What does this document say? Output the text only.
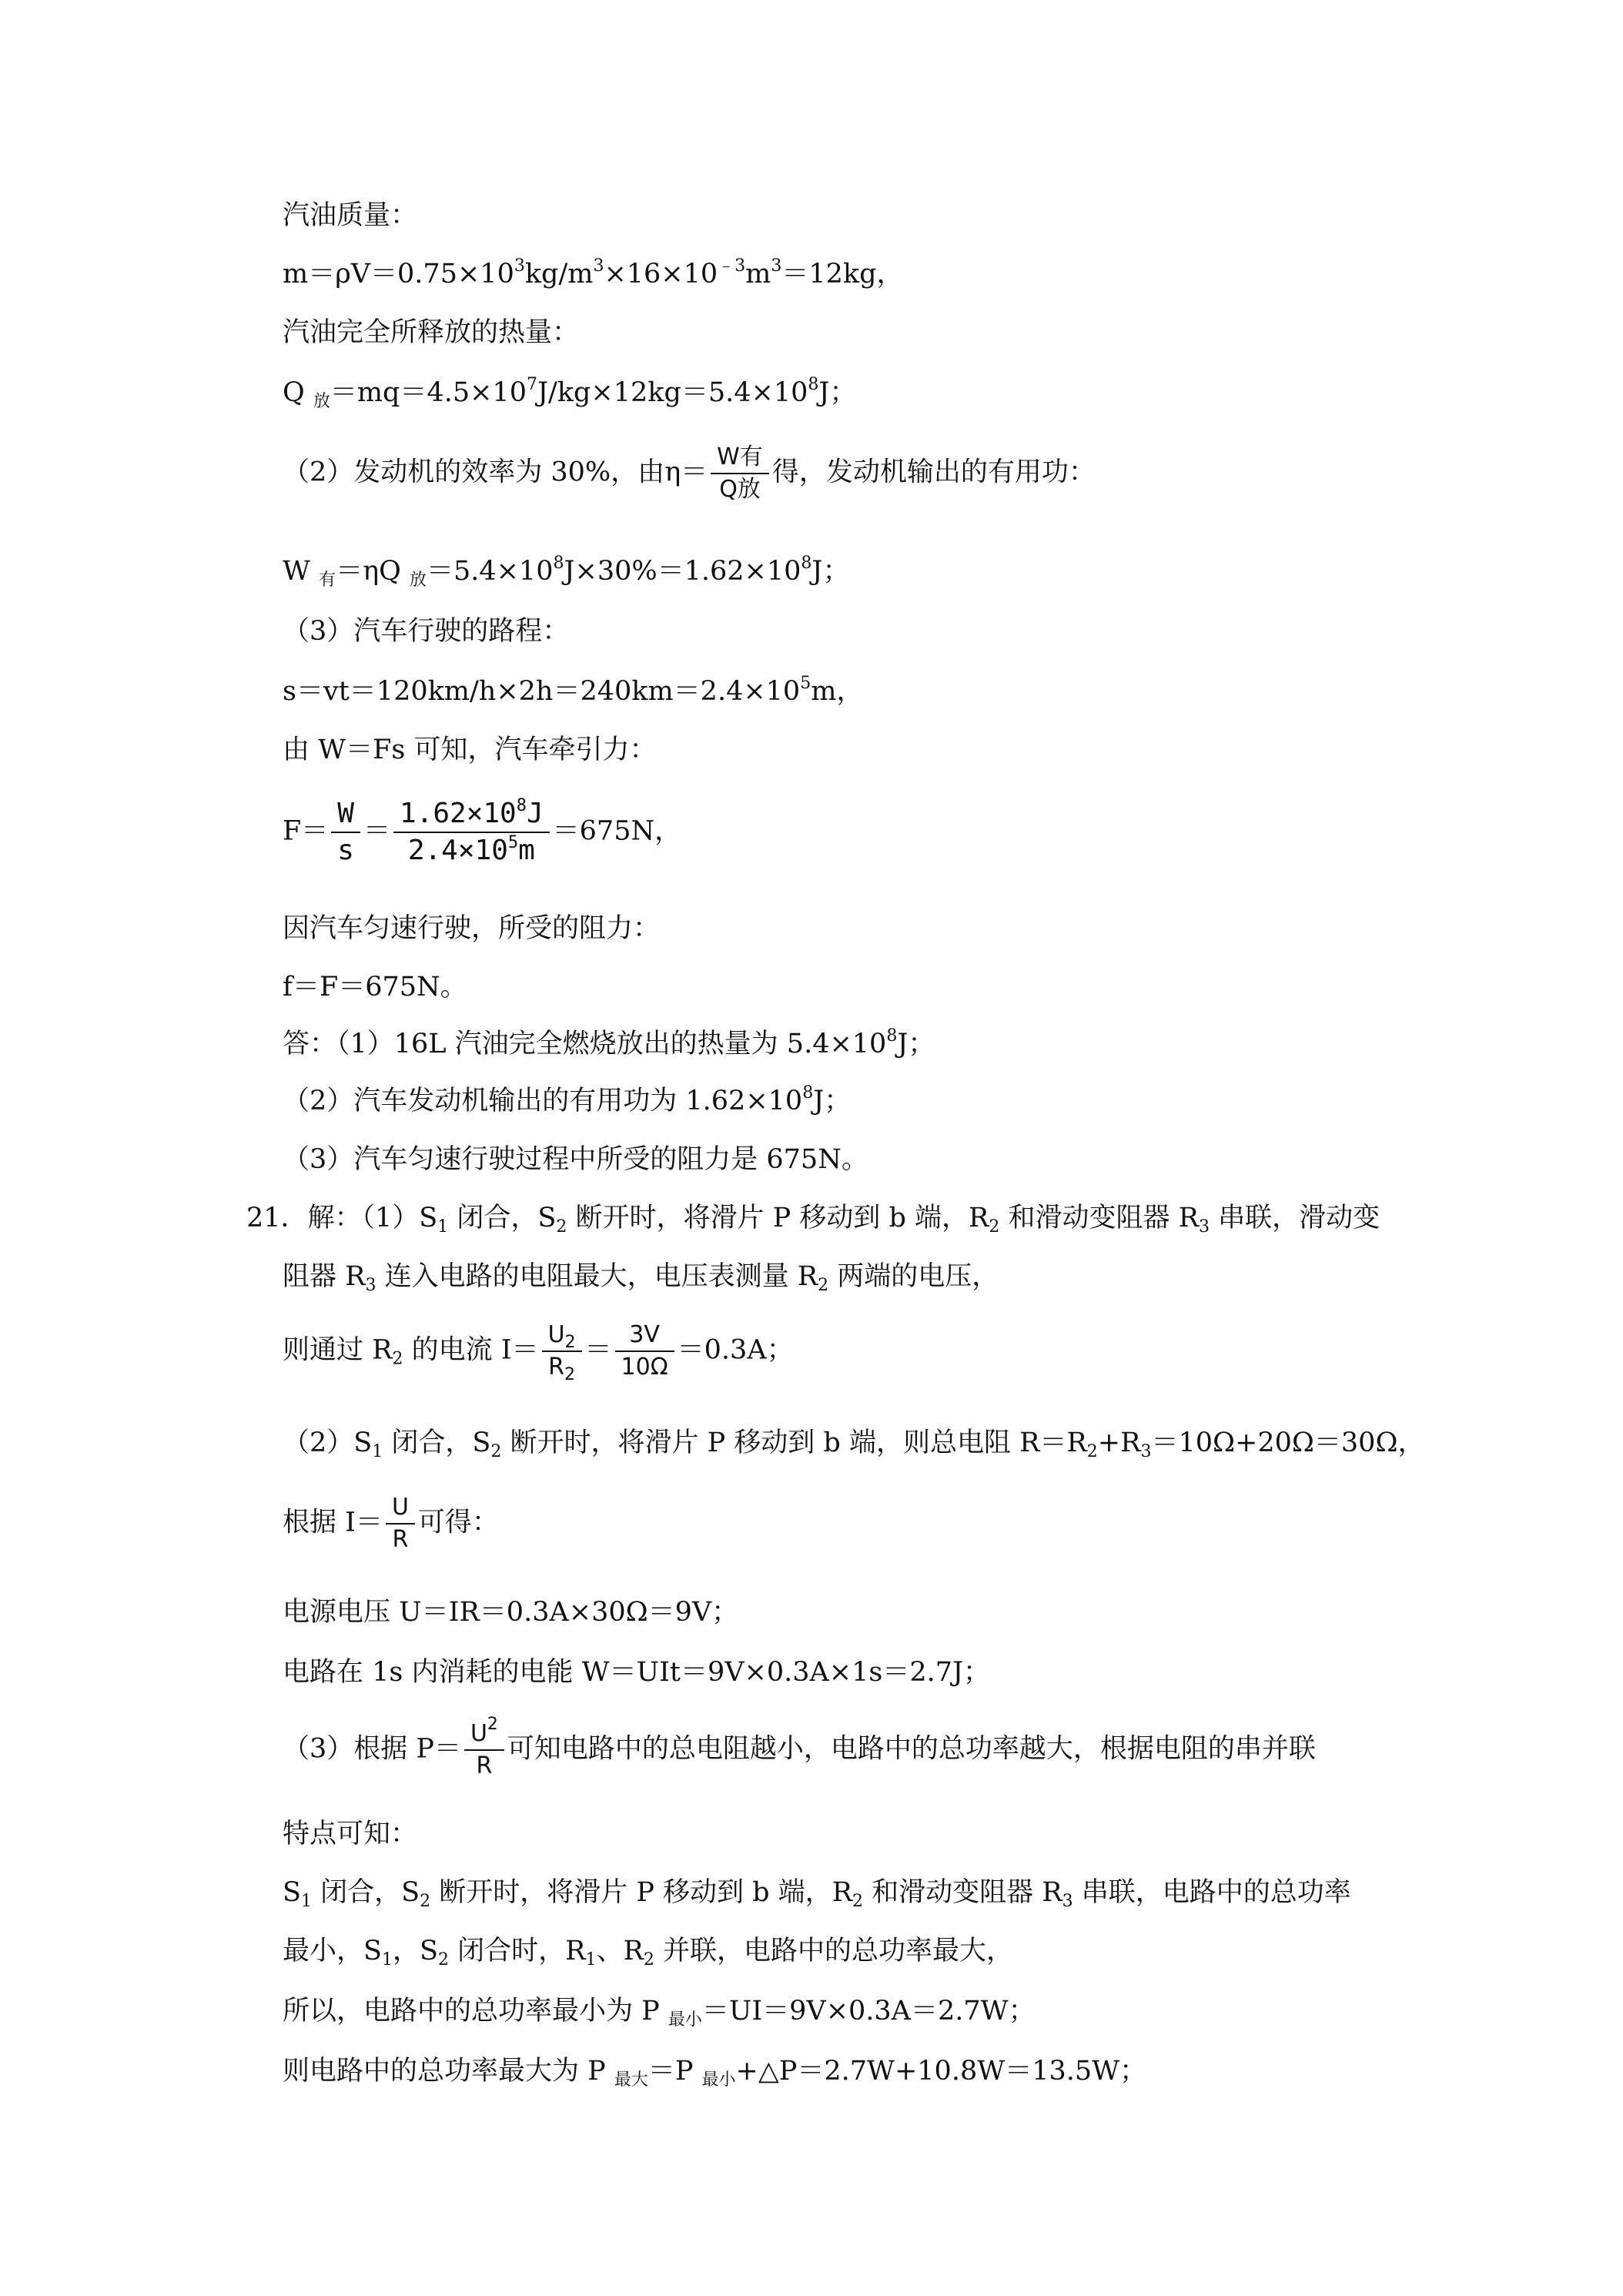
汽油质量：
$m=\rho V=0.75\times 10^3kg/m^3\times 16\times 10^{﹣3}m^3=12kg$，
汽油完全所释放的热量：
Q $_放=mq=4.5\times 10^7J/kg\times 12kg=5.4\times 10^8J$；
（2）发动机的效率为 30%，由η＝ W有
Q放
得，发动机输出的有用功：
W $_有$＝ηQ $_放=5.4\times 10^8J\times 30\%=1.62\times 10^8J$；
（3）汽车行驶的路程：
$s=vt=120km/h\times 2h=240km=2.4\times 10^5m$，
由 W＝Fs 可知，汽车牵引力：
$F= \frac{W}{s} = \frac{1.62\times 10^8J}{2.4\times 10^5m} =675N$，
因汽车匀速行驶，所受的阻力：
f＝F＝675N。
答：（1）16L 汽油完全燃烧放出的热量为 $5.4\times 10^8J$；
（2）汽车发动机输出的有用功为 $1.62\times 10^8J$；
（3）汽车匀速行驶过程中所受的阻力是 675N。
21．解：$(1)S_1$ 闭合，$S_2$ 断开时，将滑片 P 移动到 b 端，$R_2$ 和滑动变阻器 $R_3$ 串联，滑动变
阻器 $R_3$ 连入电路的电阻最大，电压表测量 $R_2$ 两端的电压，
则通过 $R_2$ 的电流 $I= \frac{U_2}{R_2} = \frac{3V}{10\Omega} =0.3A$；
$(2)S_1$ 闭合，$S_2$ 断开时，将滑片 P 移动到 b 端，则总电阻 $R=R_2+R_3=10\Omega+20\Omega=30\Omega$，
根据 $I= \frac{U}{R}$ 可得：
电源电压 U＝IR＝0.3A×30Ω＝9V；
电路在 1s 内消耗的电能 W＝UIt＝9V×0.3A×1s＝2.7J；
（3）根据 $P= \frac{U^2}{R}$ 可知电路中的总电阻越小，电路中的总功率越大，根据电阻的串并联
特点可知：
$S_1$ 闭合，$S_2$ 断开时，将滑片 P 移动到 b 端，$R_2$ 和滑动变阻器 $R_3$ 串联，电路中的总功率
最小，$S_1$，$S_2$ 闭合时，$R_1$、$R_2$ 并联，电路中的总功率最大，
所以，电路中的总功率最小为 P $_{最小}$＝UI＝9V×0.3A＝2.7W；
则电路中的总功率最大为 P $_{最大}$＝P $_{最小}$+△P＝2.7W+10.8W＝13.5W；
